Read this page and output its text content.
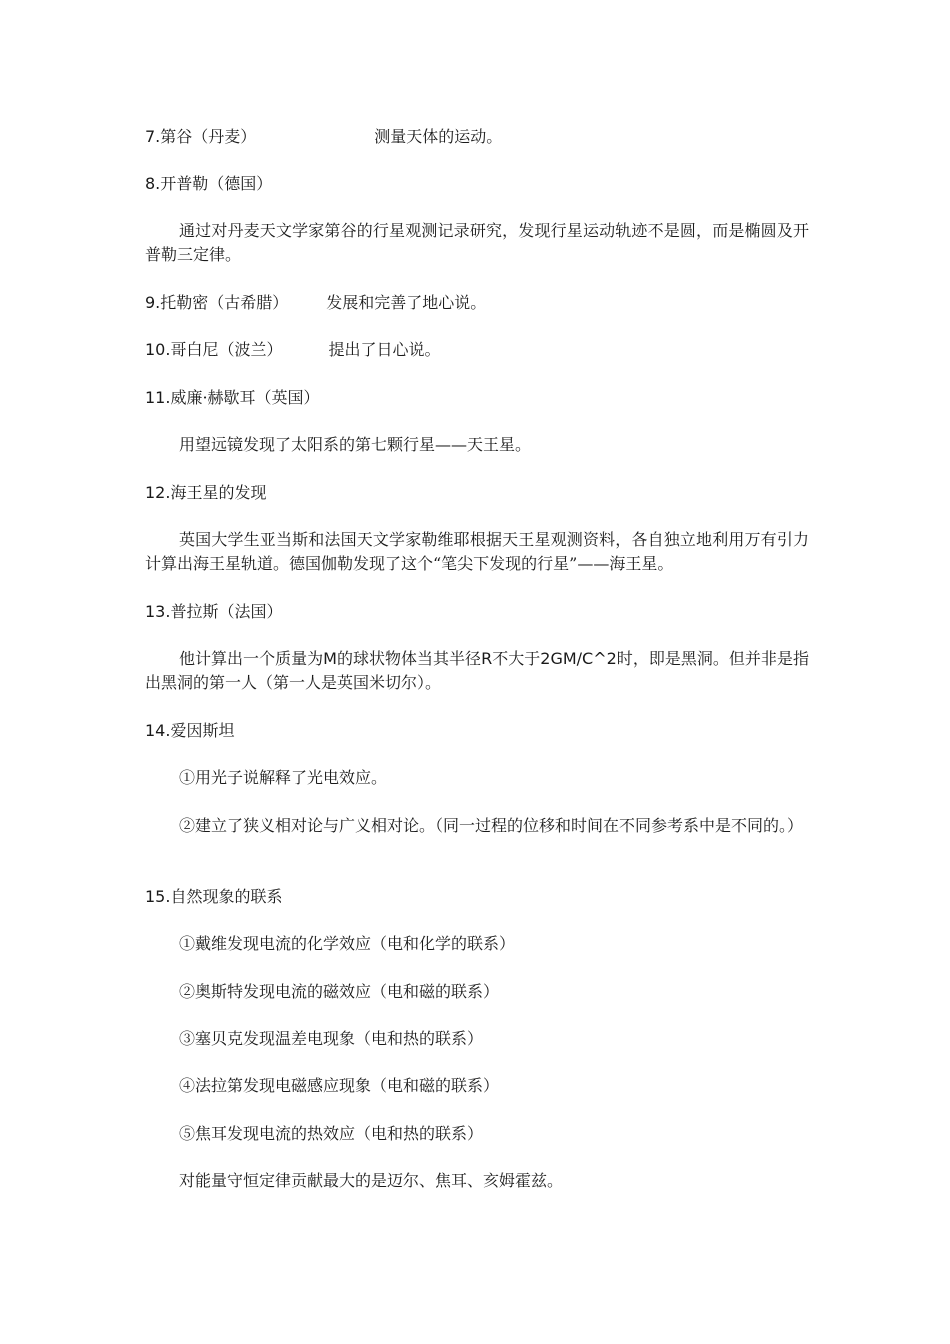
7.第谷（丹麦）	测量天体的运动。
8.开普勒（德国）
通过对丹麦天文学家第谷的行星观测记录研究，发现行星运动轨迹不是圆，而是椭圆及开普勒三定律。
9.托勒密（古希腊） 发展和完善了地心说。
10.哥白尼（波兰）	提出了日心说。
11.威廉·赫歇耳（英国）
用望远镜发现了太阳系的第七颗行星——天王星。
12.海王星的发现
英国大学生亚当斯和法国天文学家勒维耶根据天王星观测资料，各自独立地利用万有引力计算出海王星轨道。德国伽勒发现了这个“笔尖下发现的行星”——海王星。
13.普拉斯（法国）
他计算出一个质量为M的球状物体当其半径R不大于2GM/C^2时，即是黑洞。但并非是指出黑洞的第一人（第一人是英国米切尔）。
14.爱因斯坦
①用光子说解释了光电效应。
②建立了狭义相对论与广义相对论。（同一过程的位移和时间在不同参考系中是不同的。）
15.自然现象的联系
①戴维发现电流的化学效应（电和化学的联系）
②奥斯特发现电流的磁效应（电和磁的联系）
③塞贝克发现温差电现象（电和热的联系）
④法拉第发现电磁感应现象（电和磁的联系）
⑤焦耳发现电流的热效应（电和热的联系）
对能量守恒定律贡献最大的是迈尔、焦耳、亥姆霍兹。
